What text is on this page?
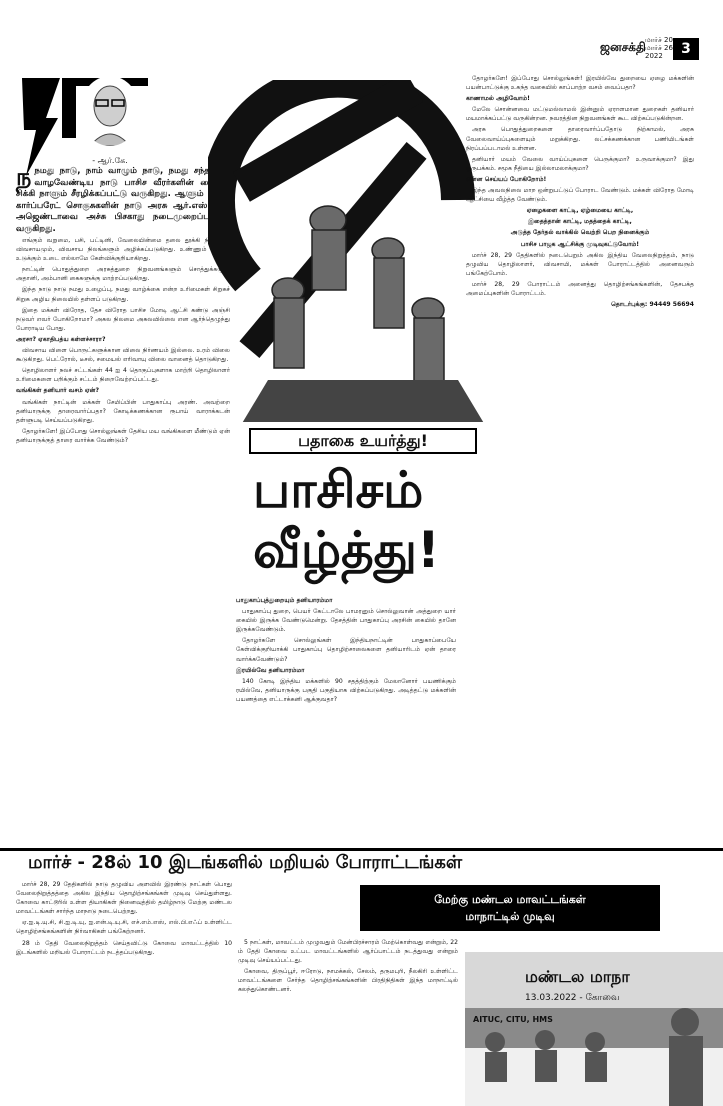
ஜனசக்தி மார்ச் 20
மார்ச் 26
2022	3
- ஆர்.கே.
நநமது நாடு, நாம் வாழும் நாடு, நமது சந்ததிகள் வாழவேண்டிய நாடு பாசிச வீரர்களின் கையில் சிக்கி நாளும் சீரழிக்கப்பட்டு வருகிறது. ஆளும் பாசிச கார்ப்பரேட் சொகுசுகளின் நாடு அரசு ஆர்.எஸ்.எஸ். அஜெண்டாவை அச்சு பிசகாது நடைமுறைப்படுத்தி வருகிறது.

எங்கும் வறுமை, பசி, பட்டினி, வேலையின்மை தலை தூக்கி நிற்கிறது. விவசாயமும், விவசாய நிலங்களும் அழிக்கப்படுகிறது. உண்ணும் உணவு உடுக்கும் உடை எல்லாமே கேள்விக்குறியாகிறது.

நாட்டின் பொதுத்துறை அரசுத்துறை நிறுவனங்களும் சொத்துக்களும் அதானி, அம்பானி கைகளுக்கு மாற்றப்படுகிறது.

இந்த நாடு நாடு நமது உழைப்பு, நமது வாழ்க்கை என்ற உரிமைகள் சிறுகச் சிறுக அழிய நிலையில் தள்ளப் படுகிறது.

இதை மக்கள் விரோத, தேச விரோத பாசிச மோடி ஆட்சி கண்டு அஞ்சி நடுவர் எவர் போகிறோமா? அகல நிலமை அகலவில்லை என ஆர்ந்தெழுந்து போராடிய போது.

அரசா? ஏகாதிபத்ய கள்ளச்சாரா?

விவசாய விளை பொருட்களுக்கான விலை நிர்ணயம் இல்லை. உரம் விலை கூடுகிறது. பெட்ரோல், டீசல், சமையல் எரிவாயு விலை வானைத் தொடுகிறது.

தொழிலாளர் நலச் சட்டங்கள் 44 ஐ 4 தொகுப்புகளாக மாற்றி தொழிலாளர் உரிமைகளை பறிக்கும் சட்டம் நிறைவேற்றப்பட்டது.

வங்கிகள் தனியார் வசம் ஏன்?

வங்கிகள் நாட்டின் மக்கள் சேமிப்பின் பாதுகாப்பு அரண். அவற்றை தனியாருக்கு தாரைவார்ப்பதா? கோடிக்கணக்கான ரூபாய் வாராக்கடன் தள்ளுபடி செய்யப்படுகிறது.

தோழர்களே! இப்போது சொல்லுங்கள் தேசிய மய வங்கிகளை மீண்டும் ஏன் தனியாருக்குத் தாரை வார்க்க வேண்டும்?	பதாகை உயர்த்து!
பாசிசம்
வீழ்த்து!

பாதுகாப்புத்துறையும் தனியாரம்மா

பாதுகாப்பு துறை, பெயர் கேட்டாலே பாமரனும் சொல்லுவான் அத்துறை யார் கையில் இருக்க வேண்டுமென்று. தேசத்தின் பாதுகாப்பு அரசின் கையில் தானே இருக்கவேண்டும்.

தோழர்களே சொல்லுங்கள் இந்தியநாட்டின் பாதுகாப்பையே கேள்விக்குறியாக்கி பாதுகாப்பு தொழிற்சாலைகளை தனியாரிடம் ஏன் தாரை வார்க்கவேண்டும்?

இரயில்வே தனியாரம்மா

140 கோடி இந்திய மக்களில் 90 சதத்திற்கும் மேலானோர் பயணிக்கும் ரயில்வே, தனியாருக்கு பகுதி பகுதியாக விற்கப்படுகிறது. அடித்தட்டு மக்களின் பயணத்தை எட்டாக்கனி ஆக்குவதா?

தோழர்களே! இப்போது சொல்லுங்கள்! இரயில்வே துறையை ஏழை மக்களின் பயன்பாட்டுக்கு உகந்த வகையில் காப்பாற்ற வசம் வைப்பதா?

காணாமல் அழிவோம்!

மேலே சொன்னவை மட்டுமல்லாமல் இன்னும் ஏராளமான துறைகள் தனியார் மயமாக்கப்பட்டு வருகின்றன. நவரத்தின நிறுவனங்கள் கூட விற்கப்படுகின்றன.

அரசு பொதுத்துறைகளை தாரைவார்ப்பதோடு நிற்காமல், அரசு வேலைவாய்ப்புகளையும் மறுக்கிறது. லட்சக்கணக்கான பணியிடங்கள் நிரப்பப்படாமல் உள்ளன.

தனியார் மயம் வேலை வாய்ப்புகளை பெருக்குமா? உருவாக்குமா? இது ஒருபக்கம். சமூக நீதியை இல்லாமலாக்குமா?

என்ன செய்யப் போகிறோம்!

இந்த அவலநிலை மாற ஒன்றுபட்டுப் போராட வேண்டும். மக்கள் விரோத மோடி ஆட்சியை வீழ்த்த வேண்டும்.

ஏழைகளை காட்டி, ஏழ்மையை காட்டி,

இதைத்தான் காட்டி, மதத்தைக் காட்டி,

அடுத்த தேர்தல் வாக்கில் வெற்றி பெற நினைக்கும்

பாசிச பாஜக ஆட்சிக்கு முடிவுகட்டுவோம்!

மார்ச் 28, 29 தேதிகளில் நடைபெறும் அகில இந்திய வேலைநிறுத்தம், நாடு தழுவிய தொழிலாளர், விவசாயி, மக்கள் போராட்டத்தில் அனைவரும் பங்கேற்போம்.

மார்ச் 28, 29 போராட்டம் அனைத்து தொழிற்சங்கங்களின், தேசபக்த அமைப்புகளின் போராட்டம்.

தொடர்புக்கு: 94449 56694

மார்ச் - 28ல் 10 இடங்களில் மறியல் போராட்டங்கள்

மார்ச் 28, 29 தேதிகளில் நாடு தழுவிய அளவில் இரண்டு நாட்கள் பொது வேலைநிறுத்தத்தை அகில இந்திய தொழிற்சங்கங்கள் முடிவு செய்துள்ளது. கோவை காட்டூரில் உள்ள தியாகிகள் நினைவுத்தில் தமிழ்நாடு மேற்கு மண்டல மாவட்டங்கள் சார்ந்த மாநாடு நடைபெற்றது.

ஏ.ஐ.டி.யு.சி, சி.ஐ.டி.யு, ஐ.என்.டி.யு.சி, எச்.எம்.எஸ், எல்.பி.எஃப் உள்ளிட்ட தொழிற்சங்கங்களின் நிர்வாகிகள் பங்கேற்றனர்.

28 ம் தேதி வேலைநிறுத்தம் செய்தவிட்டு கோவை மாவட்டத்தில் 10 இடங்களில் மறியல் போராட்டம் நடத்தப்படுகிறது.

மேற்கு மண்டல மாவட்டங்கள்
மாநாட்டில் முடிவு

5 நாட்கள், மாவட்டம் முழுவதும் மேன்பிரச்சாரம் மேற்கொள்வது என்றும், 22 ம் தேதி கோவை உட்பட மாவட்டங்களில் ஆர்ப்பாட்டம் நடத்துவது என்றும் முடிவு செய்யப்பட்டது.

கோவை, திருப்பூர், ஈரோடு, நாமக்கல், சேலம், தருமபுரி, நீலகிரி உள்ளிட்ட மாவட்டங்களை சேர்ந்த தொழிற்சங்கங்களின் பிரதிநிதிகள் இந்த மாநாட்டில் கலந்துகொண்டனர்.

மண்டல மாநா
13.03.2022 - கோவை
AITUC, CITU, HMS
